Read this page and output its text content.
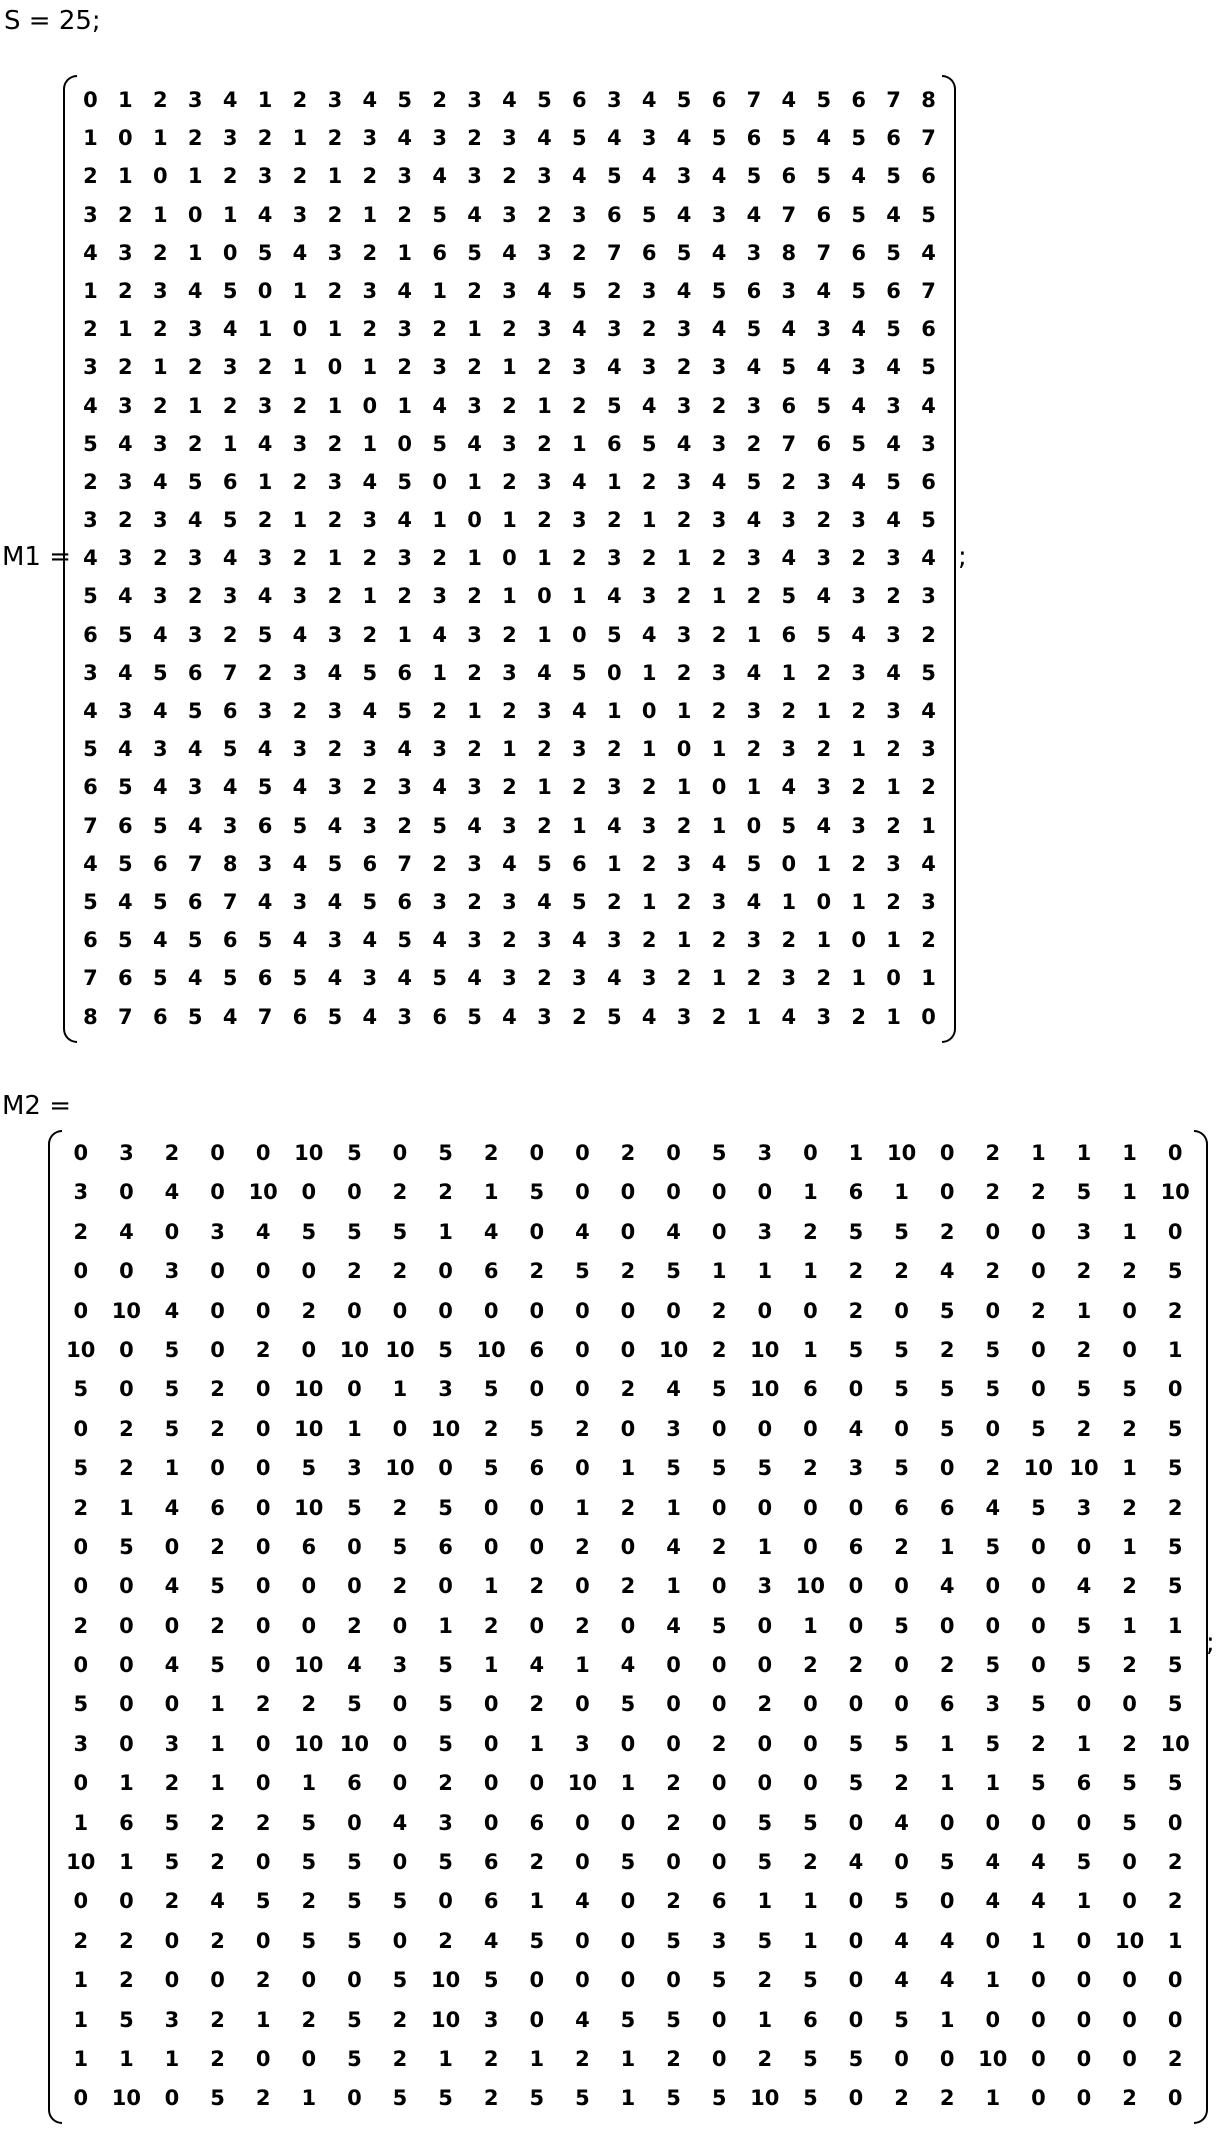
S = 25;
M1 =
0 1 2 3 4 1 2 3 4 5 2 3 4 5 6 3 4 5 6 7 4 5 6 7 8
1 0 1 2 3 2 1 2 3 4 3 2 3 4 5 4 3 4 5 6 5 4 5 6 7
2 1 0 1 2 3 2 1 2 3 4 3 2 3 4 5 4 3 4 5 6 5 4 5 6
3 2 1 0 1 4 3 2 1 2 5 4 3 2 3 6 5 4 3 4 7 6 5 4 5
4 3 2 1 0 5 4 3 2 1 6 5 4 3 2 7 6 5 4 3 8 7 6 5 4
1 2 3 4 5 0 1 2 3 4 1 2 3 4 5 2 3 4 5 6 3 4 5 6 7
2 1 2 3 4 1 0 1 2 3 2 1 2 3 4 3 2 3 4 5 4 3 4 5 6
3 2 1 2 3 2 1 0 1 2 3 2 1 2 3 4 3 2 3 4 5 4 3 4 5
4 3 2 1 2 3 2 1 0 1 4 3 2 1 2 5 4 3 2 3 6 5 4 3 4
5 4 3 2 1 4 3 2 1 0 5 4 3 2 1 6 5 4 3 2 7 6 5 4 3
2 3 4 5 6 1 2 3 4 5 0 1 2 3 4 1 2 3 4 5 2 3 4 5 6
3 2 3 4 5 2 1 2 3 4 1 0 1 2 3 2 1 2 3 4 3 2 3 4 5
4 3 2 3 4 3 2 1 2 3 2 1 0 1 2 3 2 1 2 3 4 3 2 3 4
5 4 3 2 3 4 3 2 1 2 3 2 1 0 1 4 3 2 1 2 5 4 3 2 3
6 5 4 3 2 5 4 3 2 1 4 3 2 1 0 5 4 3 2 1 6 5 4 3 2
3 4 5 6 7 2 3 4 5 6 1 2 3 4 5 0 1 2 3 4 1 2 3 4 5
4 3 4 5 6 3 2 3 4 5 2 1 2 3 4 1 0 1 2 3 2 1 2 3 4
5 4 3 4 5 4 3 2 3 4 3 2 1 2 3 2 1 0 1 2 3 2 1 2 3
6 5 4 3 4 5 4 3 2 3 4 3 2 1 2 3 2 1 0 1 4 3 2 1 2
7 6 5 4 3 6 5 4 3 2 5 4 3 2 1 4 3 2 1 0 5 4 3 2 1
4 5 6 7 8 3 4 5 6 7 2 3 4 5 6 1 2 3 4 5 0 1 2 3 4
5 4 5 6 7 4 3 4 5 6 3 2 3 4 5 2 1 2 3 4 1 0 1 2 3
6 5 4 5 6 5 4 3 4 5 4 3 2 3 4 3 2 1 2 3 2 1 0 1 2
7 6 5 4 5 6 5 4 3 4 5 4 3 2 3 4 3 2 1 2 3 2 1 0 1
8 7 6 5 4 7 6 5 4 3 6 5 4 3 2 5 4 3 2 1 4 3 2 1 0
;
M2 =
0	3	2	0	0	10	5	0	5	2	0	0	2	0	5	3	0	1	10	0	2	1	1	1	0
3	0	4	0	10	0	0	2	2	1	5	0	0	0	0	0	1	6	1	0	2	2	5	1	10
2	4	0	3	4	5	5	5	1	4	0	4	0	4	0	3	2	5	5	2	0	0	3	1	0
0	0	3	0	0	0	2	2	0	6	2	5	2	5	1	1	1	2	2	4	2	0	2	2	5
0	10	4	0	0	2	0	0	0	0	0	0	0	0	2	0	0	2	0	5	0	2	1	0	2
10	0	5	0	2	0	10 10	5	10	6	0	0	10	2	10	1	5	5	2	5	0	2	0	1
5	0	5	2	0	10	0	1	3	5	0	0	2	4	5	10	6	0	5	5	5	0	5	5	0
0	2	5	2	0	10	1	0	10	2	5	2	0	3	0	0	0	4	0	5	0	5	2	2	5
5	2	1	0	0	5	3	10	0	5	6	0	1	5	5	5	2	3	5	0	2	10 10	1	5
2	1	4	6	0	10	5	2	5	0	0	1	2	1	0	0	0	0	6	6	4	5	3	2	2
0	5	0	2	0	6	0	5	6	0	0	2	0	4	2	1	0	6	2	1	5	0	0	1	5
0	0	4	5	0	0	0	2	0	1	2	0	2	1	0	3	10	0	0	4	0	0	4	2	5
2	0	0	2	0	0	2	0	1	2	0	2	0	4	5	0	1	0	5	0	0	0	5	1	1
0	0	4	5	0	10	4	3	5	1	4	1	4	0	0	0	2	2	0	2	5	0	5	2	5
5	0	0	1	2	2	5	0	5	0	2	0	5	0	0	2	0	0	0	6	3	5	0	0	5
3	0	3	1	0	10 10	0	5	0	1	3	0	0	2	0	0	5	5	1	5	2	1	2	10
0	1	2	1	0	1	6	0	2	0	0	10	1	2	0	0	0	5	2	1	1	5	6	5	5
1	6	5	2	2	5	0	4	3	0	6	0	0	2	0	5	5	0	4	0	0	0	0	5	0
10	1	5	2	0	5	5	0	5	6	2	0	5	0	0	5	2	4	0	5	4	4	5	0	2
0	0	2	4	5	2	5	5	0	6	1	4	0	2	6	1	1	0	5	0	4	4	1	0	2
2	2	0	2	0	5	5	0	2	4	5	0	0	5	3	5	1	0	4	4	0	1	0	10	1
1	2	0	0	2	0	0	5	10	5	0	0	0	0	5	2	5	0	4	4	1	0	0	0	0
1	5	3	2	1	2	5	2	10	3	0	4	5	5	0	1	6	0	5	1	0	0	0	0	0
1	1	1	2	0	0	5	2	1	2	1	2	1	2	0	2	5	5	0	0	10	0	0	0	2
0	10	0	5	2	1	0	5	5	2	5	5	1	5	5	10	5	0	2	2	1	0	0	2	0
;
